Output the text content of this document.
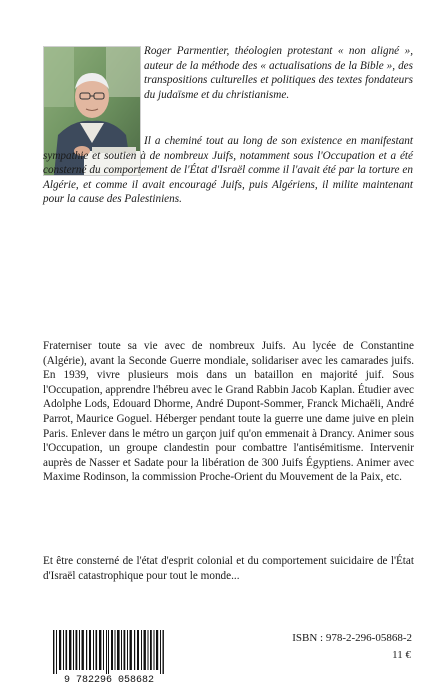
Roger Parmentier, théologien protestant « non aligné », auteur de la méthode des « actualisations de la Bible », des transpositions culturelles et politiques des textes fondateurs du judaïsme et du christianisme.

Il a cheminé tout au long de son existence en manifestant sympathie et soutien à de nombreux Juifs, notamment sous l'Occupation et a été consterné du comportement de l'État d'Israël comme il l'avait été par la torture en Algérie, et comme il avait encouragé Juifs, puis Algériens, il milite maintenant pour la cause des Palestiniens.

Fraterniser toute sa vie avec de nombreux Juifs. Au lycée de Constantine (Algérie), avant la Seconde Guerre mondiale, solidariser avec les camarades juifs. En 1939, vivre plusieurs mois dans un bataillon en majorité juif. Sous l'Occupation, apprendre l'hébreu avec le Grand Rabbin Jacob Kaplan. Étudier avec Adolphe Lods, Edouard Dhorme, André Dupont-Sommer, Franck Michaëli, André Parrot, Maurice Goguel. Héberger pendant toute la guerre une dame juive en plein Paris. Enlever dans le métro un garçon juif qu'on emmenait à Drancy. Animer sous l'Occupation, un groupe clandestin pour combattre l'antisémitisme. Intervenir auprès de Nasser et Sadate pour la libération de 300 Juifs Égyptiens. Animer avec Maxime Rodinson, la commission Proche-Orient du Mouvement de la Paix, etc.

Et être consterné de l'état d'esprit colonial et du comportement suicidaire de l'État d'Israël catastrophique pour tout le monde...

9 782296 058682

ISBN : 978-2-296-05868-2

11 €
